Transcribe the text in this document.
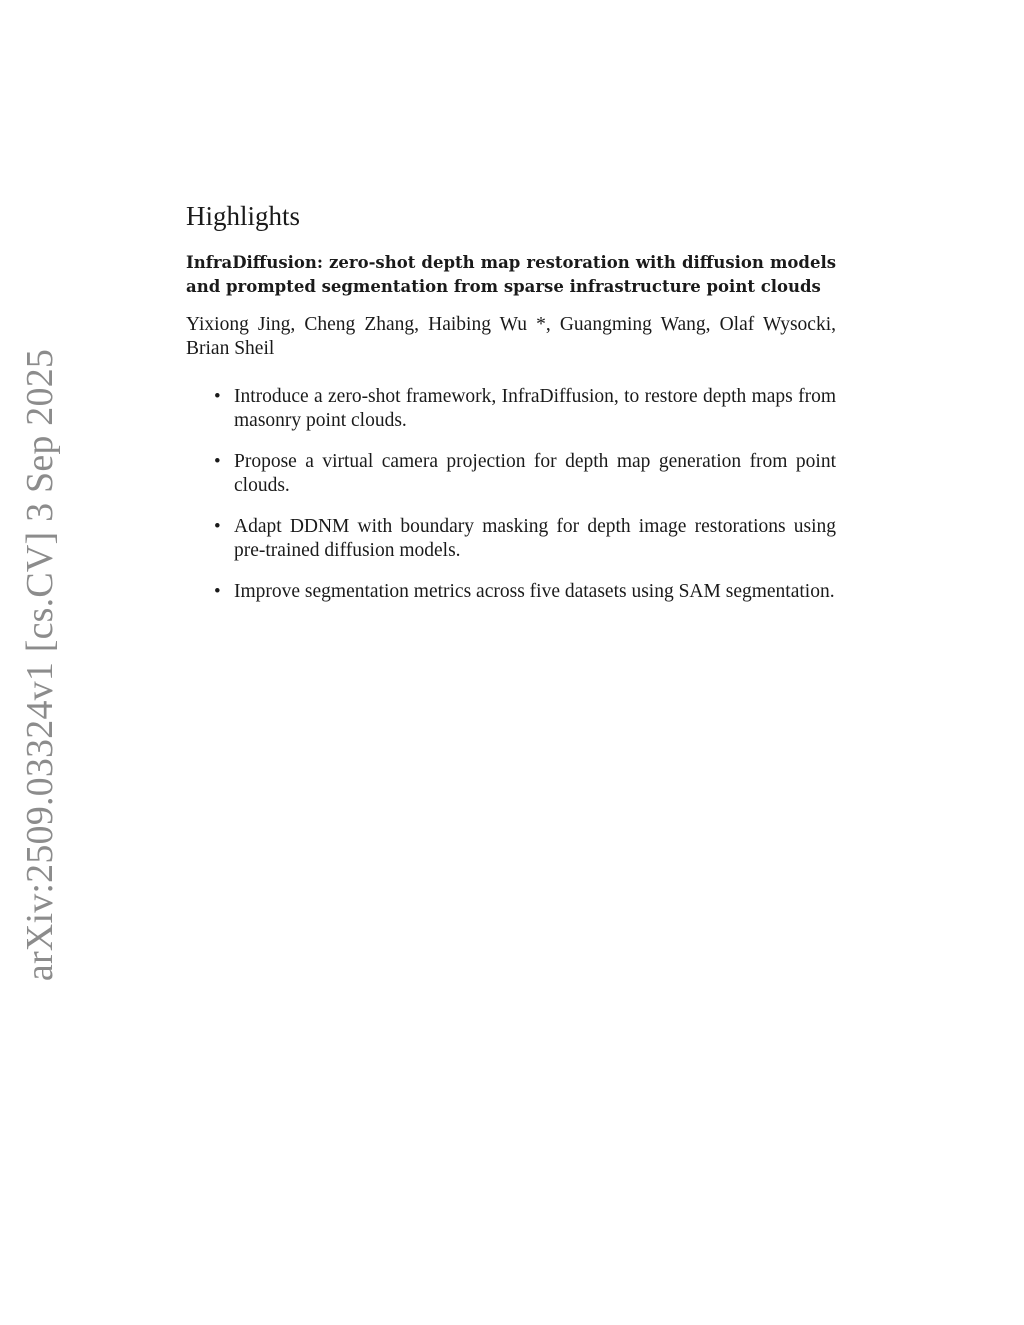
arXiv:2509.03324v1 [cs.CV] 3 Sep 2025
Highlights
InfraDiffusion: zero-shot depth map restoration with diffusion models and prompted segmentation from sparse infrastructure point clouds
Yixiong Jing, Cheng Zhang, Haibing Wu *, Guangming Wang, Olaf Wysocki, Brian Sheil
• Introduce a zero-shot framework, InfraDiffusion, to restore depth maps from masonry point clouds.
• Propose a virtual camera projection for depth map generation from point clouds.
• Adapt DDNM with boundary masking for depth image restorations using pre-trained diffusion models.
• Improve segmentation metrics across five datasets using SAM segmentation.
